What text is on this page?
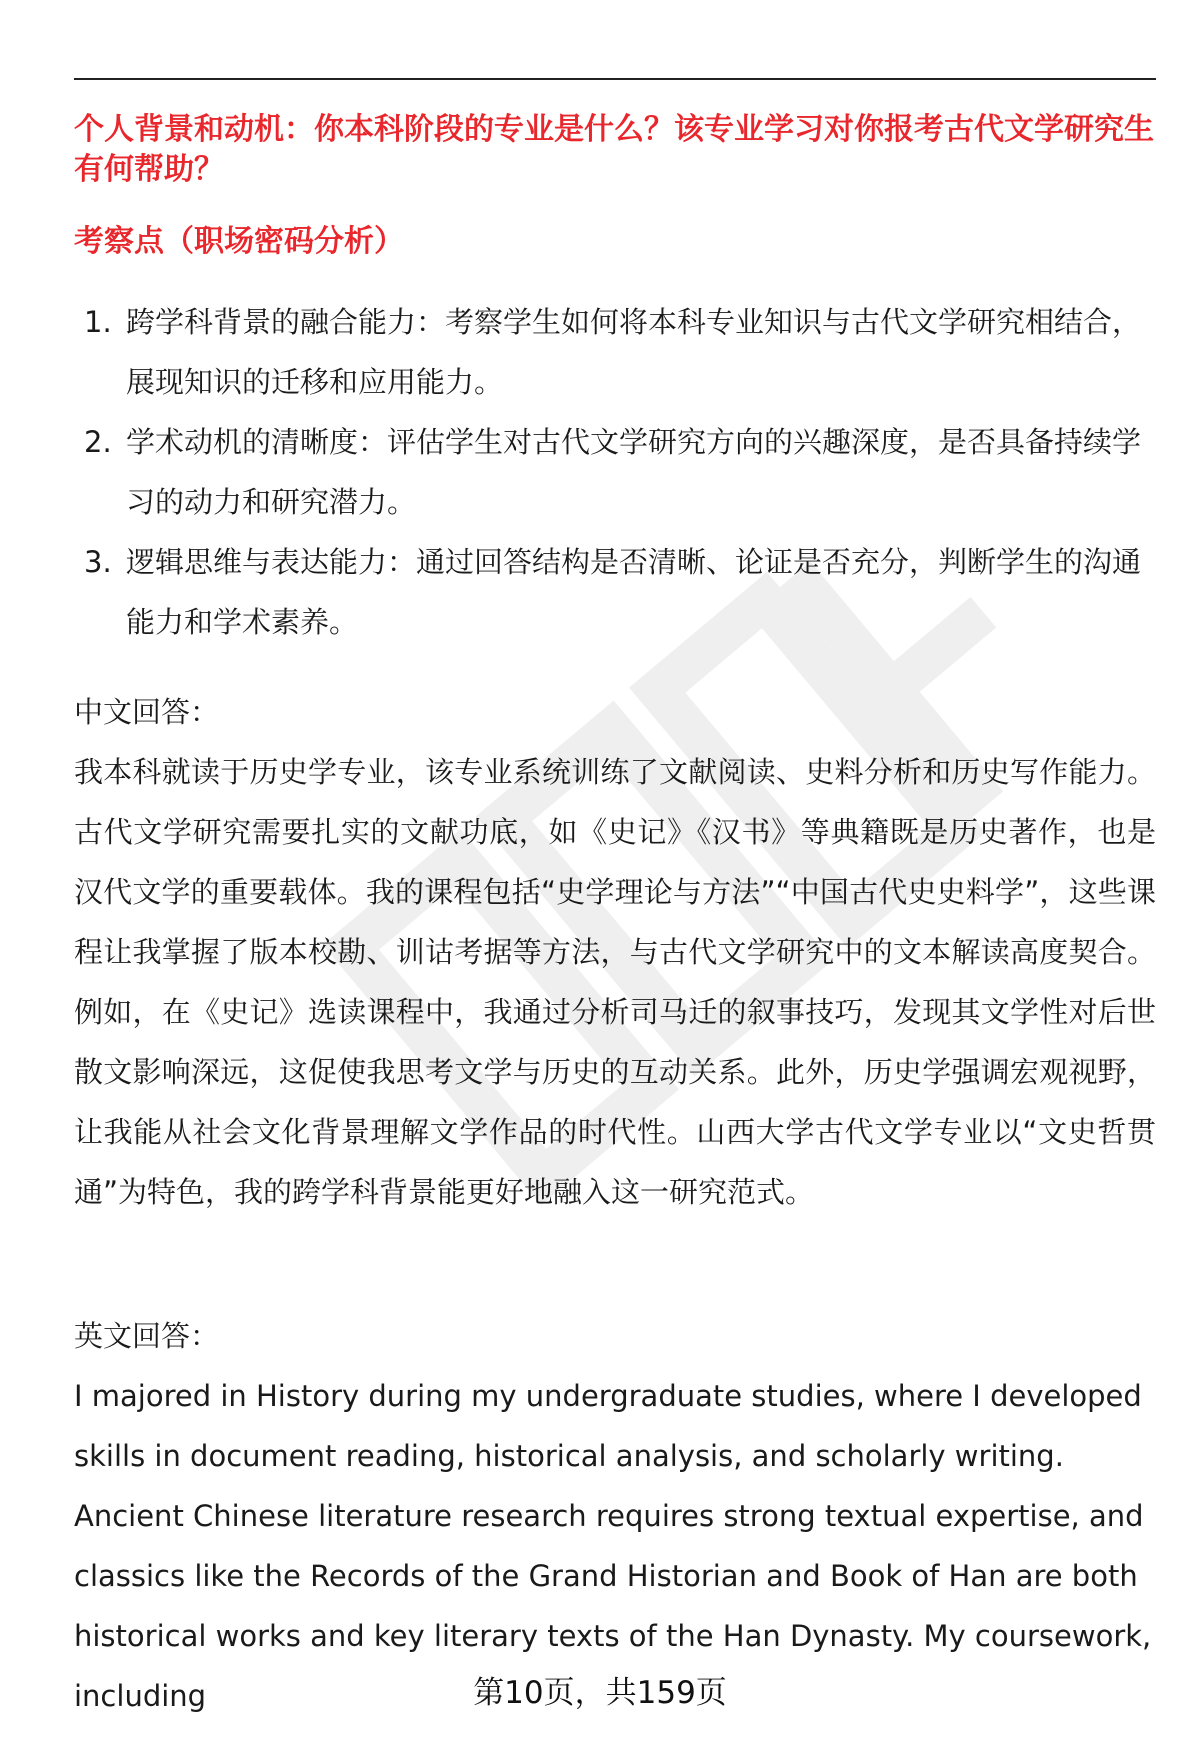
个人背景和动机：你本科阶段的专业是什么？该专业学习对你报考古代文学研究生有何帮助？
考察点（职场密码分析）
1. 跨学科背景的融合能力：考察学生如何将本科专业知识与古代文学研究相结合，展现知识的迁移和应用能力。
2. 学术动机的清晰度：评估学生对古代文学研究方向的兴趣深度，是否具备持续学习的动力和研究潜力。
3. 逻辑思维与表达能力：通过回答结构是否清晰、论证是否充分，判断学生的沟通能力和学术素养。
中文回答：

我本科就读于历史学专业，该专业系统训练了文献阅读、史料分析和历史写作能力。古代文学研究需要扎实的文献功底，如《史记》《汉书》等典籍既是历史著作，也是汉代文学的重要载体。我的课程包括“史学理论与方法”“中国古代史史料学”，这些课程让我掌握了版本校勘、训诂考据等方法，与古代文学研究中的文本解读高度契合。例如，在《史记》选读课程中，我通过分析司马迁的叙事技巧，发现其文学性对后世散文影响深远，这促使我思考文学与历史的互动关系。此外，历史学强调宏观视野，让我能从社会文化背景理解文学作品的时代性。山西大学古代文学专业以“文史哲贯通”为特色，我的跨学科背景能更好地融入这一研究范式。

英文回答：

I majored in History during my undergraduate studies, where I developed skills in document reading, historical analysis, and scholarly writing. Ancient Chinese literature research requires strong textual expertise, and classics like the Records of the Grand Historian and Book of Han are both historical works and key literary texts of the Han Dynasty. My coursework, including	第10页，共159页
